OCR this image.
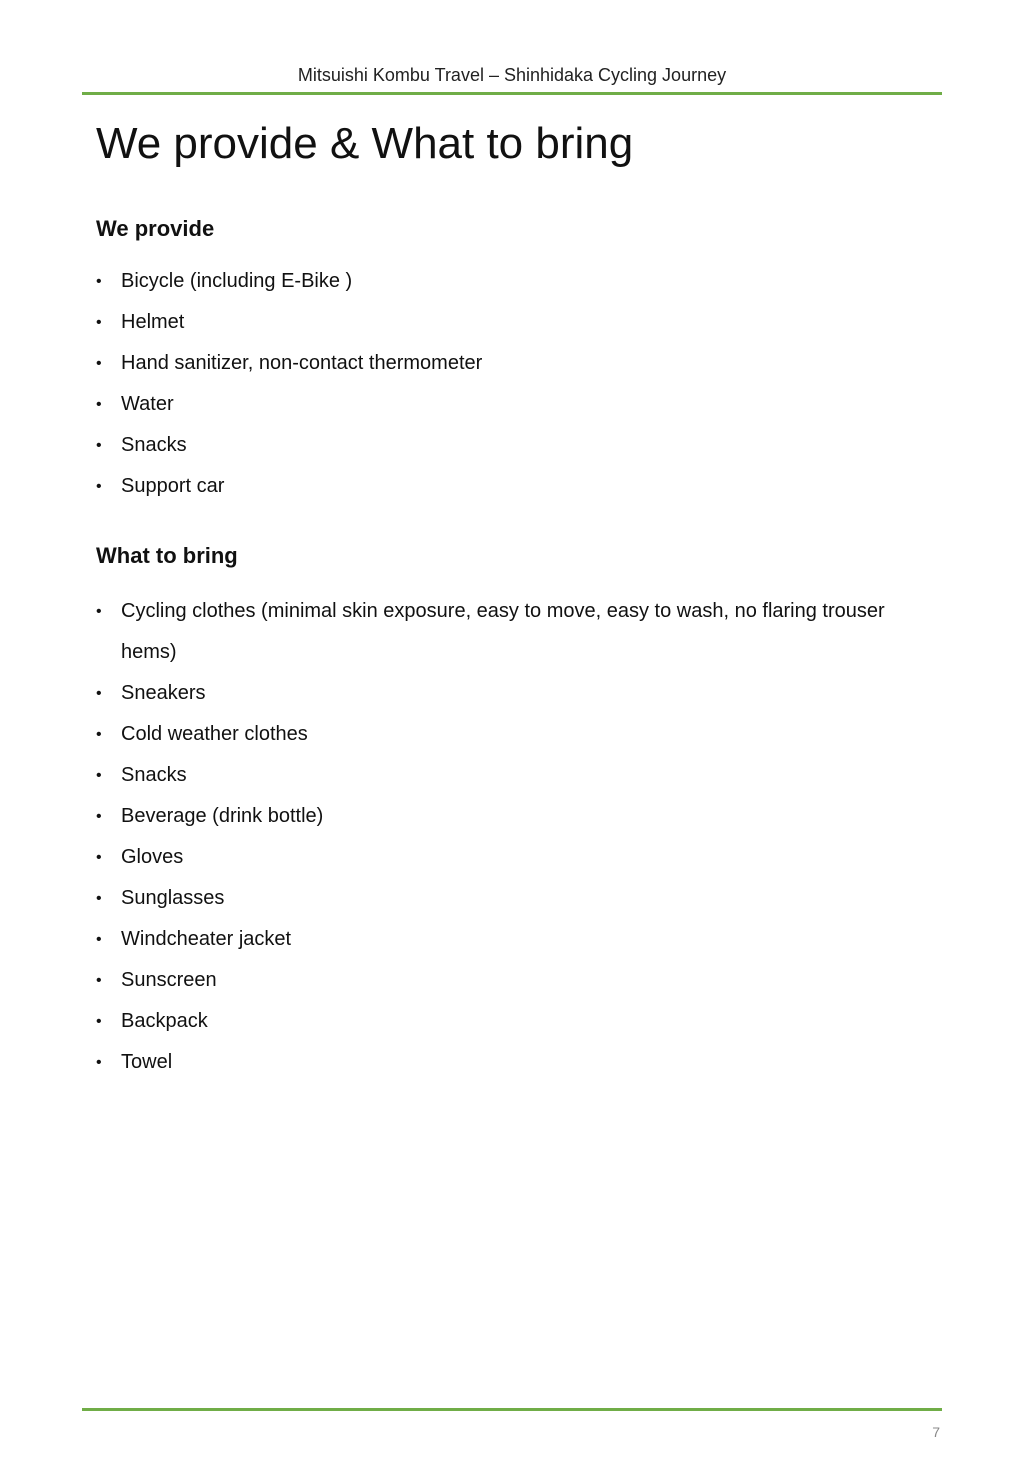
Mitsuishi Kombu Travel – Shinhidaka Cycling Journey
We provide & What to bring
We provide
• Bicycle (including E-Bike )
• Helmet
• Hand sanitizer, non-contact thermometer
• Water
• Snacks
• Support car
What to bring
• Cycling clothes (minimal skin exposure, easy to move, easy to wash, no flaring trouser hems)
• Sneakers
• Cold weather clothes
• Snacks
• Beverage (drink bottle)
• Gloves
• Sunglasses
• Windcheater jacket
• Sunscreen
• Backpack
• Towel
7
